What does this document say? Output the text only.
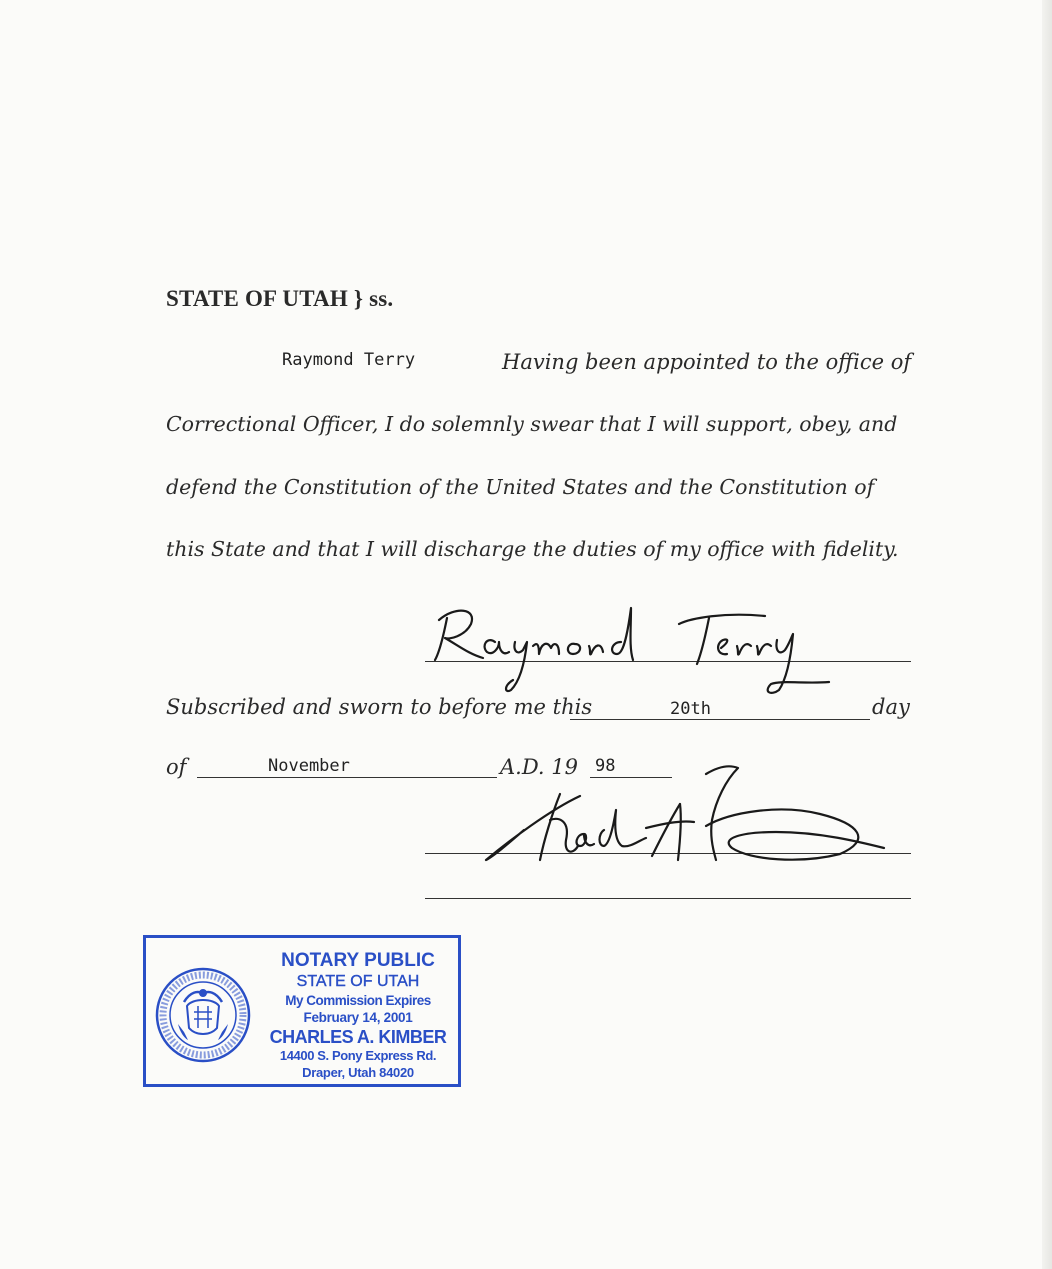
STATE OF UTAH } ss.
Raymond Terry	Having been appointed to the office of
Correctional Officer, I do solemnly swear that I will support, obey, and
defend the Constitution of the United States and the Constitution of
this State and that I will discharge the duties of my office with fidelity.
Subscribed and sworn to before me this	20th	day
of	November	A.D. 19 98
NOTARY PUBLIC
STATE OF UTAH
My Commission Expires
February 14, 2001
CHARLES A. KIMBER
14400 S. Pony Express Rd.
Draper, Utah 84020
